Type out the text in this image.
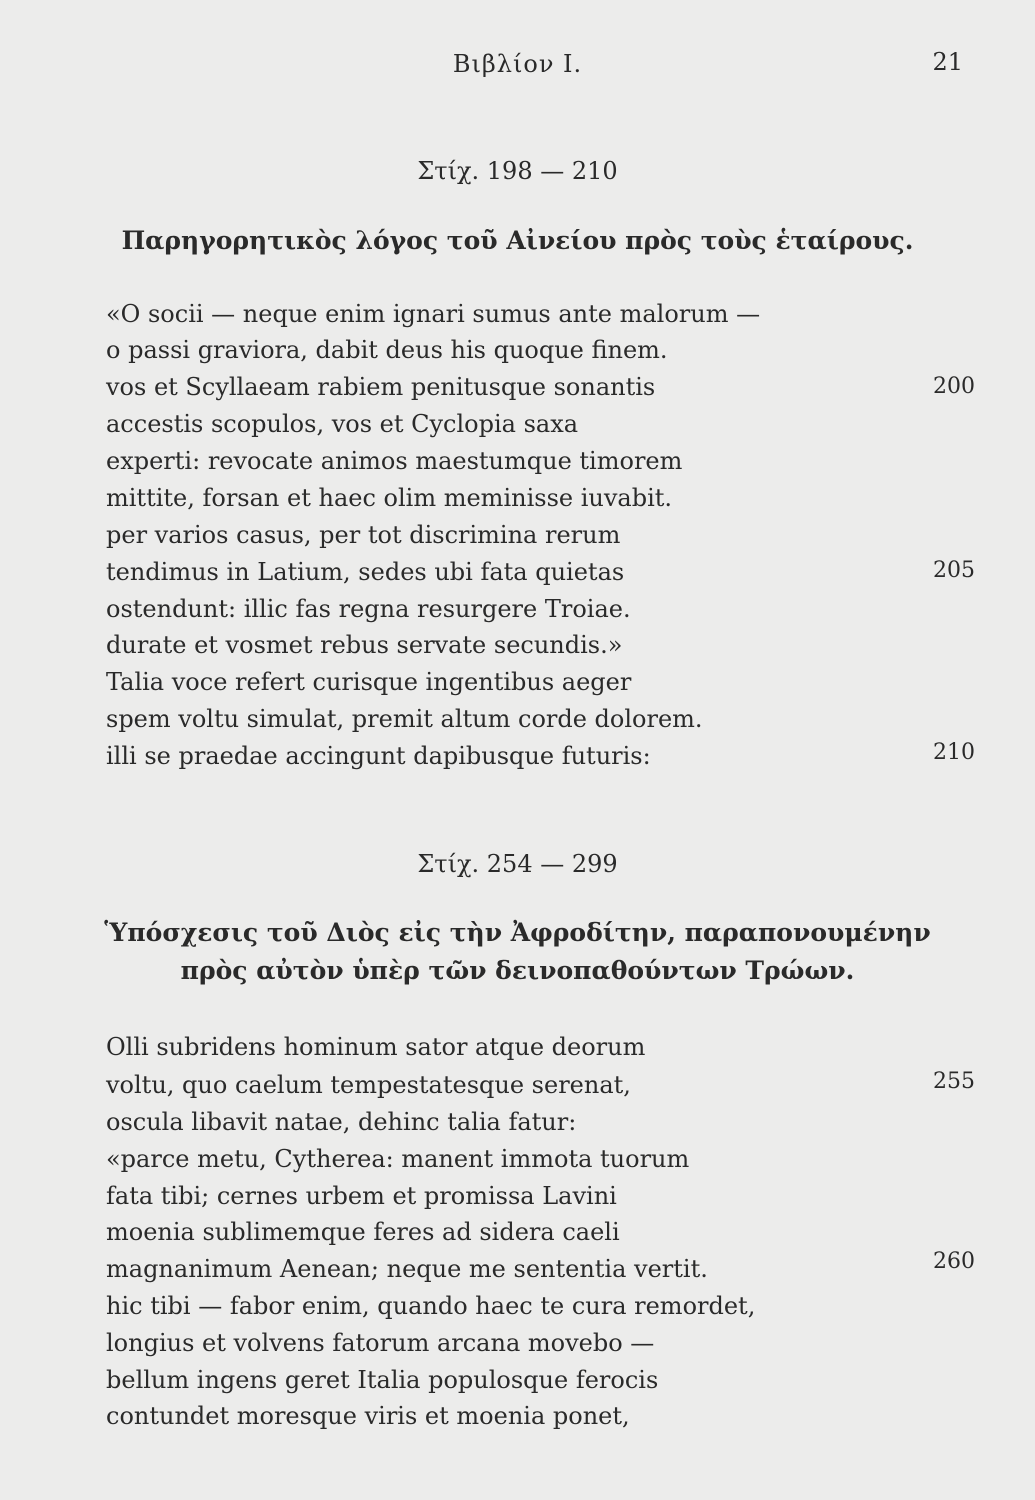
Βιβλίον Ι.	21
Στίχ. 198 — 210
Παρηγορητικὸς λόγος τοῦ Αἰνείου πρὸς τοὺς ἑταίρους.
«O socii — neque enim ignari sumus ante malorum —
o passi graviora, dabit deus his quoque finem.
vos et Scyllaeam rabiem penitusque sonantis	200
accestis scopulos, vos et Cyclopia saxa
experti: revocate animos maestumque timorem
mittite, forsan et haec olim meminisse iuvabit.
per varios casus, per tot discrimina rerum
tendimus in Latium, sedes ubi fata quietas	205
ostendunt: illic fas regna resurgere Troiae.
durate et vosmet rebus servate secundis.»
Talia voce refert curisque ingentibus aeger
spem voltu simulat, premit altum corde dolorem.
illi se praedae accingunt dapibusque futuris:	210
Στίχ. 254 — 299
Ὑπόσχεσις τοῦ Διὸς εἰς τὴν Ἀφροδίτην, παραπονουμένην
πρὸς αὐτὸν ὑπὲρ τῶν δεινοπαθούντων Τρώων.
Olli subridens hominum sator atque deorum
voltu, quo caelum tempestatesque serenat,	255
oscula libavit natae, dehinc talia fatur:
«parce metu, Cytherea: manent immota tuorum
fata tibi; cernes urbem et promissa Lavini
moenia sublimemque feres ad sidera caeli
magnanimum Aenean; neque me sententia vertit.	260
hic tibi — fabor enim, quando haec te cura remordet,
longius et volvens fatorum arcana movebo —
bellum ingens geret Italia populosque ferocis
contundet moresque viris et moenia ponet,
